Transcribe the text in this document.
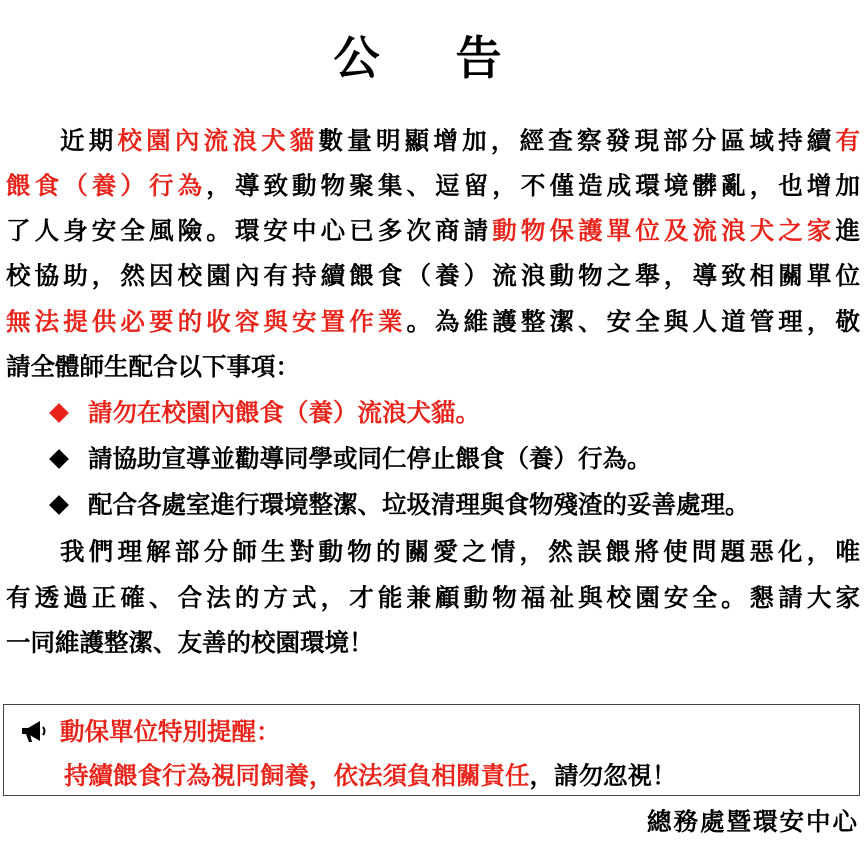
公 告
近期校園內流浪犬貓數量明顯增加，經查察發現部分區域持續有
餵食（養）行為，導致動物聚集、逗留，不僅造成環境髒亂，也增加
了人身安全風險。環安中心已多次商請動物保護單位及流浪犬之家進
校協助，然因校園內有持續餵食（養）流浪動物之舉，導致相關單位
無法提供必要的收容與安置作業。為維護整潔、安全與人道管理，敬
請全體師生配合以下事項：
請勿在校園內餵食（養）流浪犬貓。
請協助宣導並勸導同學或同仁停止餵食（養）行為。
配合各處室進行環境整潔、垃圾清理與食物殘渣的妥善處理。
我們理解部分師生對動物的關愛之情，然誤餵將使問題惡化，唯
有透過正確、合法的方式，才能兼顧動物福祉與校園安全。懇請大家
一同維護整潔、友善的校園環境！
動保單位特別提醒：
持續餵食行為視同飼養，依法須負相關責任，請勿忽視！
總務處暨環安中心
